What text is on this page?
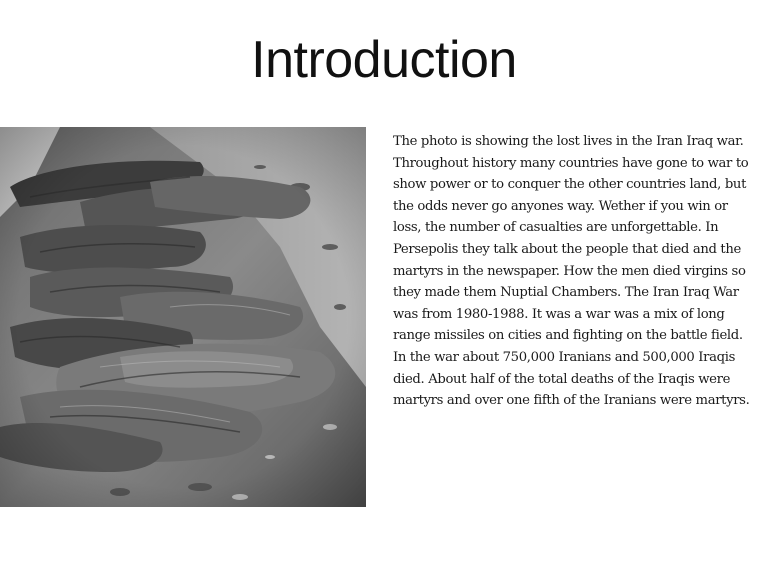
Introduction

The photo is showing the lost lives in the Iran Iraq war. Throughout history many countries have gone to war to show power or to conquer the other countries land, but the odds never go anyones way. Wether if you win or loss, the number of casualties are unforgettable. In Persepolis they talk about the people that died and the martyrs in the newspaper. How the men died virgins so they made them Nuptial Chambers. The Iran Iraq War was from 1980-1988. It was a war was a mix of long range missiles on cities and fighting on the battle field. In the war about 750,000 Iranians and 500,000 Iraqis died. About half of the total deaths of the Iraqis were martyrs and over one fifth of the Iranians were martyrs.
